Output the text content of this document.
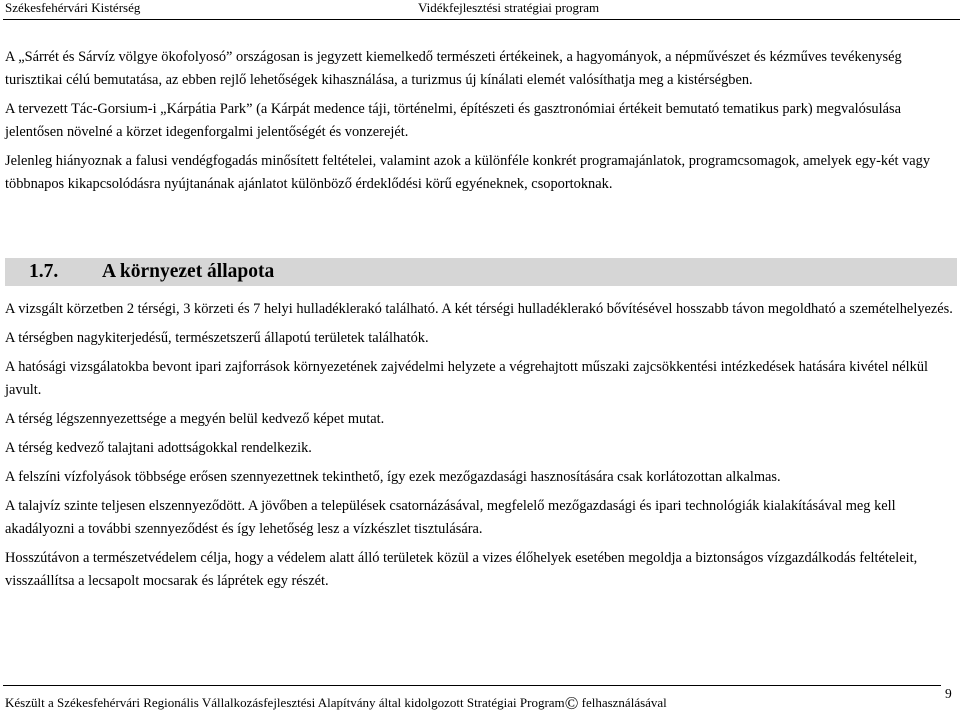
Székesfehérvári Kistérség	Vidékfejlesztési stratégiai program

A „Sárrét és Sárvíz völgye ökofolyosó” országosan is jegyzett kiemelkedő természeti értékeinek, a hagyományok, a népművészet és kézműves tevékenység turisztikai célú bemutatása, az ebben rejlő lehetőségek kihasználása, a turizmus új kínálati elemét valósíthatja meg a kistérségben.

A tervezett Tác-Gorsium-i „Kárpátia Park” (a Kárpát medence táji, történelmi, építészeti és gasztronómiai értékeit bemutató tematikus park) megvalósulása jelentősen növelné a körzet idegenforgalmi jelentőségét és vonzerejét.

Jelenleg hiányoznak a falusi vendégfogadás minősített feltételei, valamint azok a különféle konkrét programajánlatok, programcsomagok, amelyek egy-két vagy többnapos kikapcsolódásra nyújtanának ajánlatot különböző érdeklődési körű egyéneknek, csoportoknak.

1.7. A környezet állapota

A vizsgált körzetben 2 térségi, 3 körzeti és 7 helyi hulladéklerakó található. A két térségi hulladéklerakó bővítésével hosszabb távon megoldható a szemételhelyezés.

A térségben nagykiterjedésű, természetszerű állapotú területek találhatók.

A hatósági vizsgálatokba bevont ipari zajforrások környezetének zajvédelmi helyzete a végrehajtott műszaki zajcsökkentési intézkedések hatására kivétel nélkül javult.

A térség légszennyezettsége a megyén belül kedvező képet mutat.

A térség kedvező talajtani adottságokkal rendelkezik.

A felszíni vízfolyások többsége erősen szennyezettnek tekinthető, így ezek mezőgazdasági hasznosítására csak korlátozottan alkalmas.

A talajvíz szinte teljesen elszennyeződött. A jövőben a települések csatornázásával, megfelelő mezőgazdasági és ipari technológiák kialakításával meg kell akadályozni a további szennyeződést és így lehetőség lesz a vízkészlet tisztulására.

Hosszútávon a természetvédelem célja, hogy a védelem alatt álló területek közül a vizes élőhelyek esetében megoldja a biztonságos vízgazdálkodás feltételeit, visszaállítsa a lecsapolt mocsarak és láprétek egy részét.

Készült a Székesfehérvári Regionális Vállalkozásfejlesztési Alapítvány által kidolgozott Stratégiai Program© felhasználásával
9
